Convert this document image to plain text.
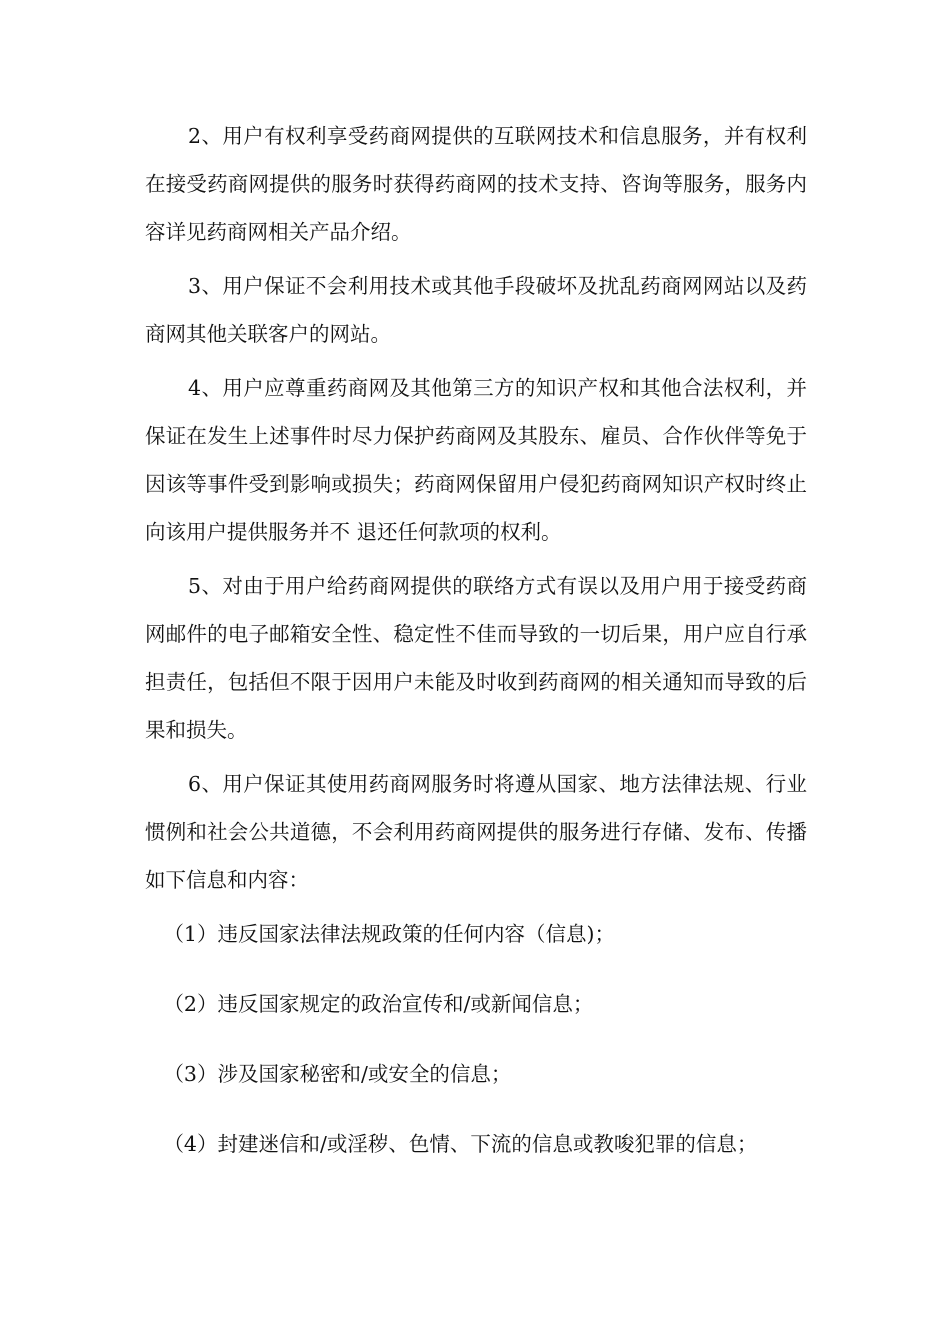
2、用户有权利享受药商网提供的互联网技术和信息服务，并有权利在接受药商网提供的服务时获得药商网的技术支持、咨询等服务，服务内容详见药商网相关产品介绍。

3、用户保证不会利用技术或其他手段破坏及扰乱药商网网站以及药商网其他关联客户的网站。

4、用户应尊重药商网及其他第三方的知识产权和其他合法权利，并保证在发生上述事件时尽力保护药商网及其股东、雇员、合作伙伴等免于因该等事件受到影响或损失；药商网保留用户侵犯药商网知识产权时终止向该用户提供服务并不 退还任何款项的权利。

5、对由于用户给药商网提供的联络方式有误以及用户用于接受药商网邮件的电子邮箱安全性、稳定性不佳而导致的一切后果，用户应自行承担责任，包括但不限于因用户未能及时收到药商网的相关通知而导致的后果和损失。

6、用户保证其使用药商网服务时将遵从国家、地方法律法规、行业惯例和社会公共道德，不会利用药商网提供的服务进行存储、发布、传播如下信息和内容：

（1）违反国家法律法规政策的任何内容（信息)；

（2）违反国家规定的政治宣传和/或新闻信息；

（3）涉及国家秘密和/或安全的信息；

（4）封建迷信和/或淫秽、色情、下流的信息或教唆犯罪的信息；
